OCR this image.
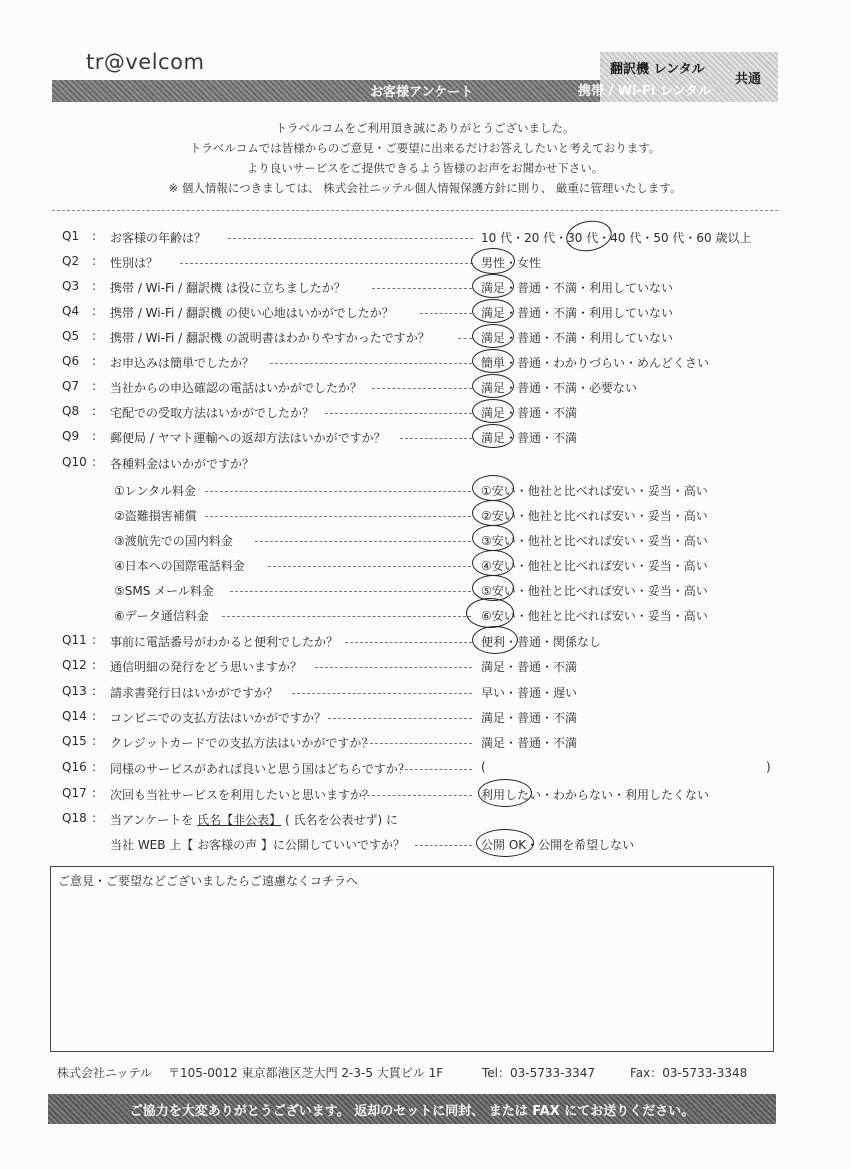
tr@velcom
お客様アンケート
翻訳機 レンタル
携帯 / Wi-Fi レンタル
共通
トラベルコムをご利用頂き誠にありがとうございました。
トラベルコムでは皆様からのご意見・ご要望に出来るだけお答えしたいと考えております。
より良いサービスをご提供できるよう皆様のお声をお聞かせ下さい。
※ 個人情報につきましては、 株式会社ニッテル個人情報保護方針に則り、 厳重に管理いたします。
Q1 : お客様の年齢は？	10 代・20 代・30 代・40 代・50 代・60 歳以上
Q2 : 性別は？	男性・女性
Q3 : 携帯 / Wi-Fi / 翻訳機 は役に立ちましたか？	満足・普通・不満・利用していない
Q4 : 携帯 / Wi-Fi / 翻訳機 の使い心地はいかがでしたか？	満足・普通・不満・利用していない
Q5 : 携帯 / Wi-Fi / 翻訳機 の説明書はわかりやすかったですか？	満足・普通・不満・利用していない
Q6 : お申込みは簡単でしたか？	簡単・普通・わかりづらい・めんどくさい
Q7 : 当社からの申込確認の電話はいかがでしたか？	満足・普通・不満・必要ない
Q8 : 宅配での受取方法はいかがでしたか？	満足・普通・不満
Q9 : 郵便局 / ヤマト運輸への返却方法はいかがですか？	満足・普通・不満
Q10 : 各種料金はいかがですか？
①レンタル料金	①安い・他社と比べれば安い・妥当・高い
②盗難損害補償	②安い・他社と比べれば安い・妥当・高い
③渡航先での国内料金	③安い・他社と比べれば安い・妥当・高い
④日本への国際電話料金	④安い・他社と比べれば安い・妥当・高い
⑤SMS メール料金	⑤安い・他社と比べれば安い・妥当・高い
⑥データ通信料金	⑥安い・他社と比べれば安い・妥当・高い
Q11 : 事前に電話番号がわかると便利でしたか？	便利・普通・関係なし
Q12 : 通信明細の発行をどう思いますか？	満足・普通・不満
Q13 : 請求書発行日はいかがですか？	早い・普通・遅い
Q14 : コンビニでの支払方法はいかがですか？	満足・普通・不満
Q15 : クレジットカードでの支払方法はいかがですか？	満足・普通・不満
Q16 : 同様のサービスがあれば良いと思う国はどちらですか？	(	)
Q17 : 次回も当社サービスを利用したいと思いますか？	利用したい・わからない・利用したくない
Q18 : 当アンケートを 氏名【非公表】 ( 氏名を公表せず) に
当社 WEB 上【 お客様の声 】に公開していいですか？	公開 OK・公開を希望しない
ご意見・ご要望などございましたらご遠慮なくコチラへ
株式会社ニッテル 〒105-0012 東京都港区芝大門 2-3-5 大貫ビル 1F	Tel：03-5733-3347	Fax：03-5733-3348
ご協力を大変ありがとうございます。 返却のセットに同封、 または FAX にてお送りください。
